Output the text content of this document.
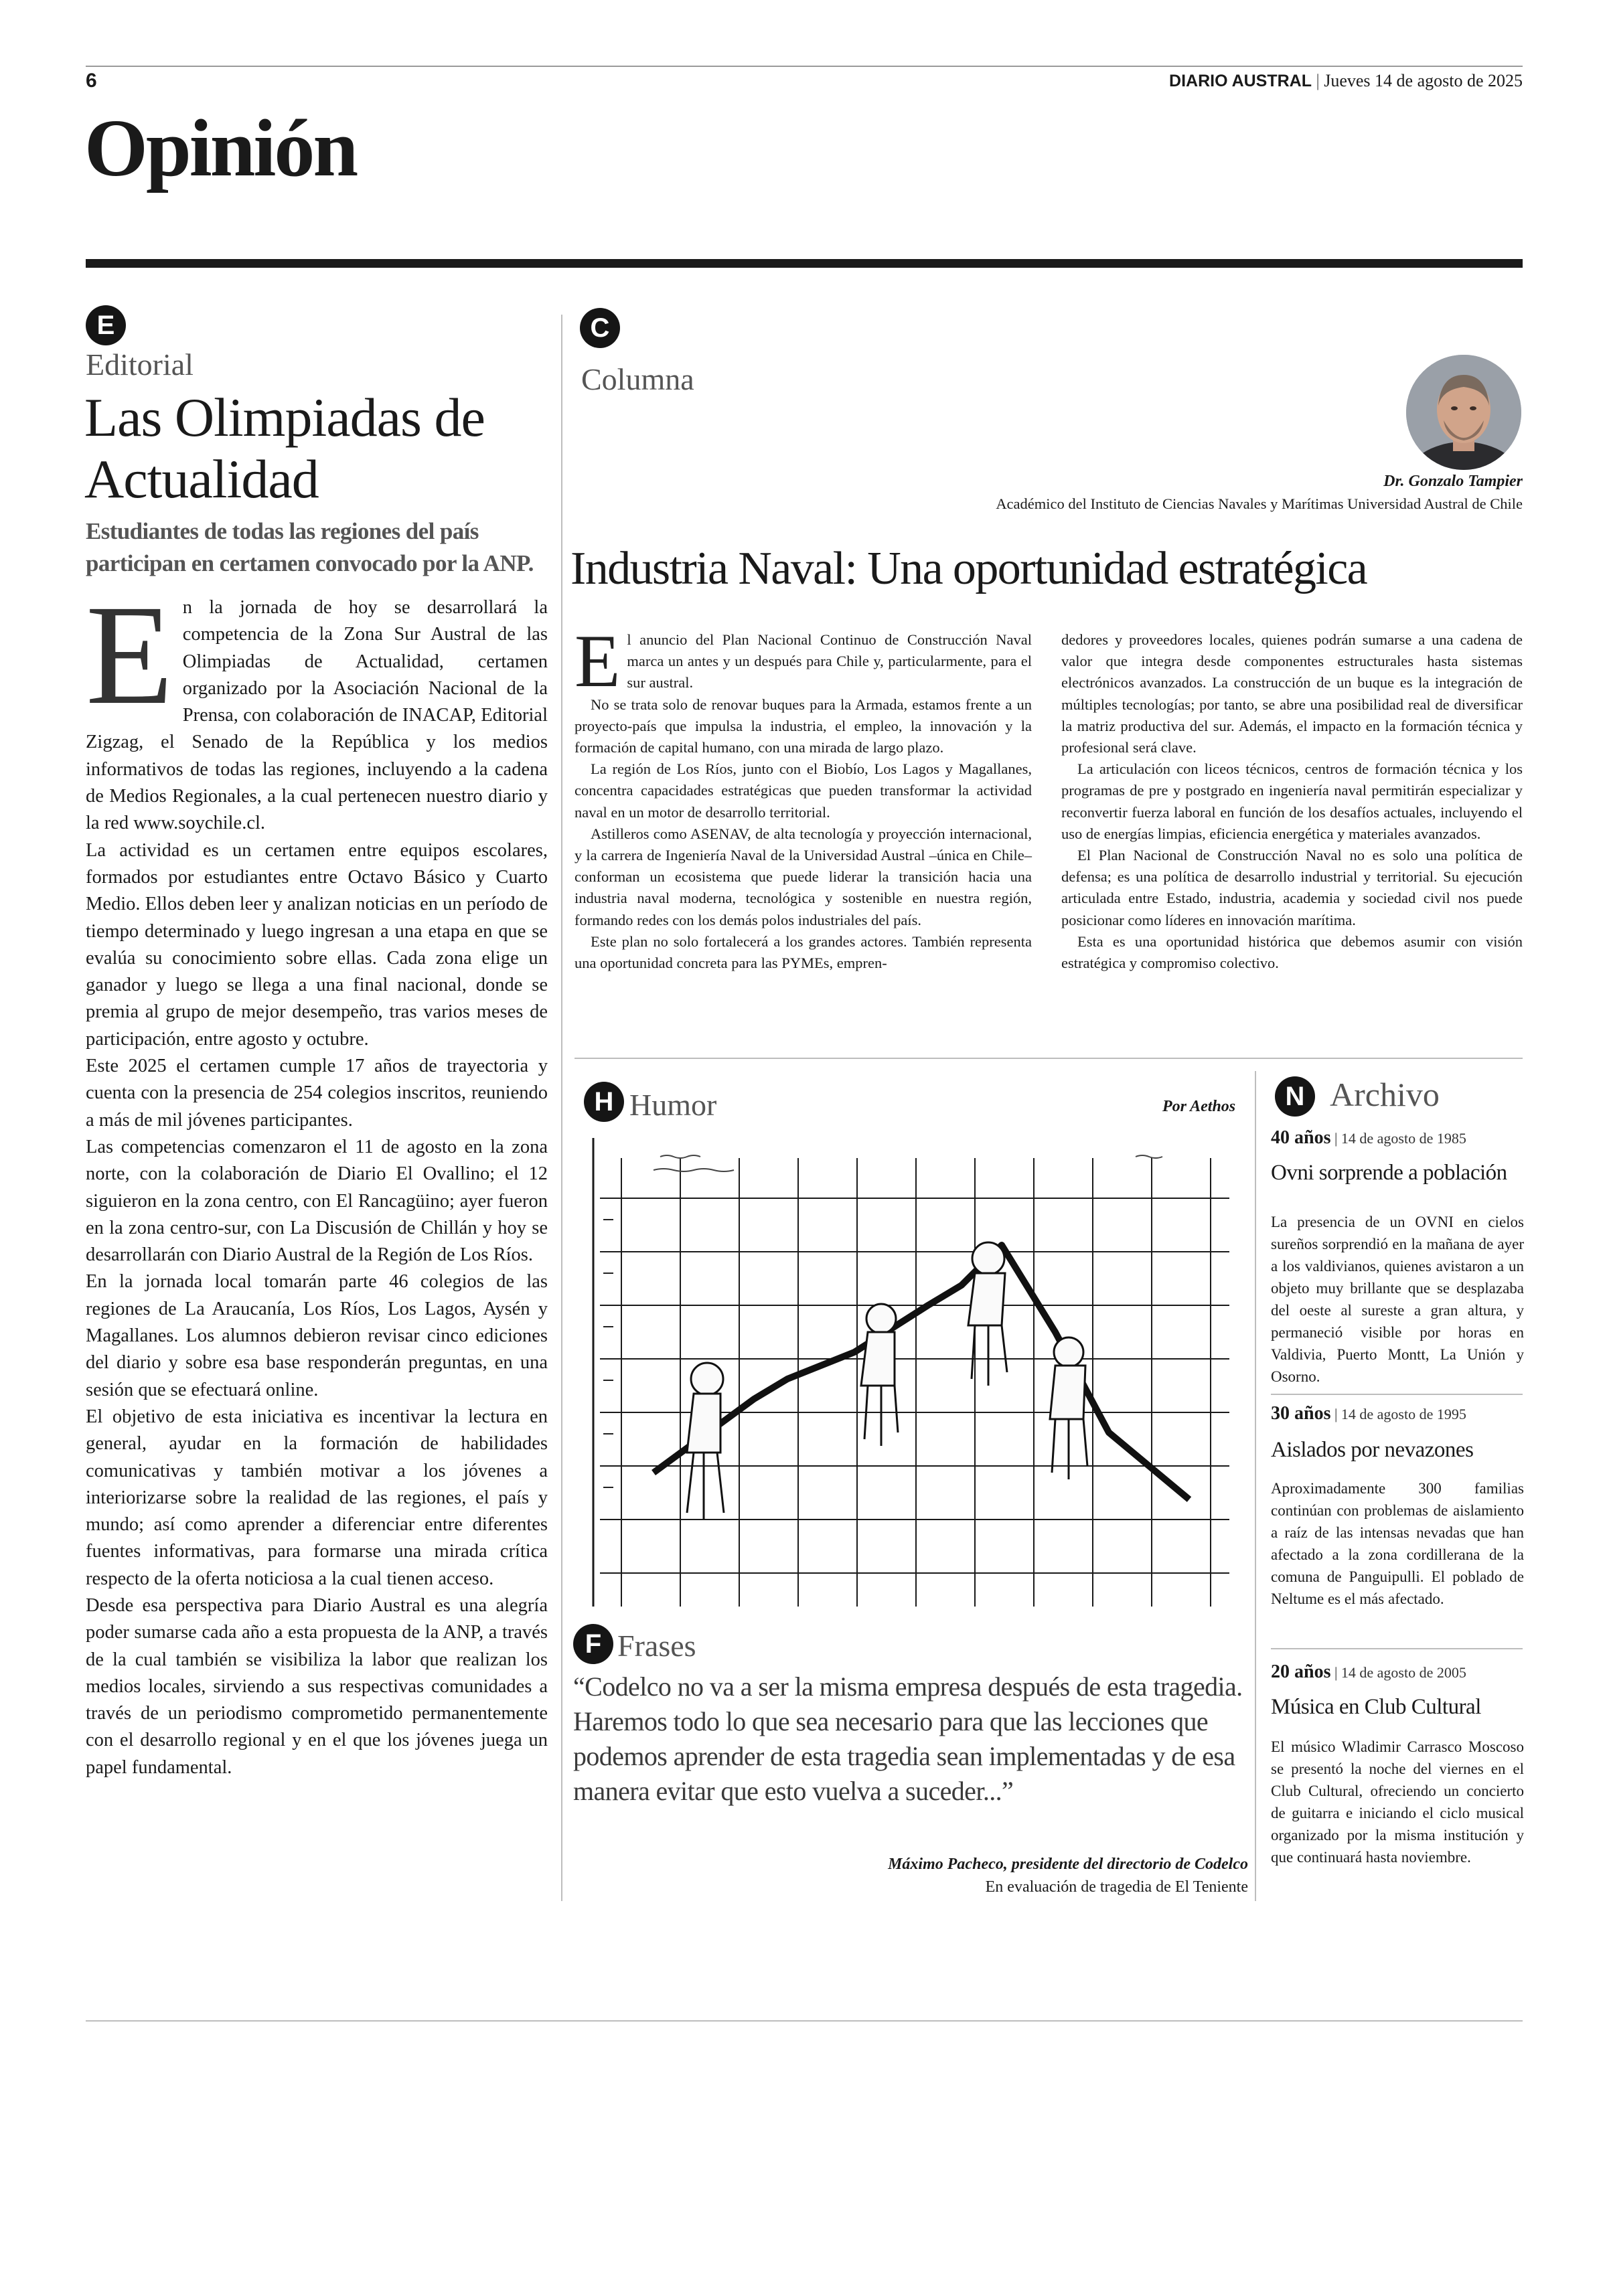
6	DIARIO AUSTRAL | Jueves 14 de agosto de 2025
Opinión
E
Editorial
Las Olimpiadas de
Actualidad
Estudiantes de todas las regiones del país
participan en certamen convocado por la ANP.
E n la jornada de hoy se desarrollará la competencia de la Zona Sur Austral de las Olimpiadas de Actualidad, certamen organizado por la Asociación Nacional de la Prensa, con colaboración de INACAP, Editorial Zigzag, el Senado de la República y los medios informativos de todas las regiones, incluyendo a la cadena de Medios Regionales, a la cual pertenecen nuestro diario y la red www.soychile.cl.

La actividad es un certamen entre equipos escolares, formados por estudiantes entre Octavo Básico y Cuarto Medio. Ellos deben leer y analizan noticias en un período de tiempo determinado y luego ingresan a una etapa en que se evalúa su conocimiento sobre ellas. Cada zona elige un ganador y luego se llega a una final nacional, donde se premia al grupo de mejor desempeño, tras varios meses de participación, entre agosto y octubre.

Este 2025 el certamen cumple 17 años de trayectoria y cuenta con la presencia de 254 colegios inscritos, reuniendo a más de mil jóvenes participantes.

Las competencias comenzaron el 11 de agosto en la zona norte, con la colaboración de Diario El Ovallino; el 12 siguieron en la zona centro, con El Rancagüino; ayer fueron en la zona centro-sur, con La Discusión de Chillán y hoy se desarrollarán con Diario Austral de la Región de Los Ríos.

En la jornada local tomarán parte 46 colegios de las regiones de La Araucanía, Los Ríos, Los Lagos, Aysén y Magallanes. Los alumnos debieron revisar cinco ediciones del diario y sobre esa base responderán preguntas, en una sesión que se efectuará online.

El objetivo de esta iniciativa es incentivar la lectura en general, ayudar en la formación de habilidades comunicativas y también motivar a los jóvenes a interiorizarse sobre la realidad de las regiones, el país y mundo; así como aprender a diferenciar entre diferentes fuentes informativas, para formarse una mirada crítica respecto de la oferta noticiosa a la cual tienen acceso.

Desde esa perspectiva para Diario Austral es una alegría poder sumarse cada año a esta propuesta de la ANP, a través de la cual también se visibiliza la labor que realizan los medios locales, sirviendo a sus respectivas comunidades a través de un periodismo comprometido permanentemente con el desarrollo regional y en el que los jóvenes juega un papel fundamental.

C
Columna
Dr. Gonzalo Tampier
Académico del Instituto de Ciencias Navales y Marítimas Universidad Austral de Chile
Industria Naval: Una oportunidad estratégica
E l anuncio del Plan Nacional Continuo de Construcción Naval marca un antes y un después para Chile y, particularmente, para el sur austral.

No se trata solo de renovar buques para la Armada, estamos frente a un proyecto-país que impulsa la industria, el empleo, la innovación y la formación de capital humano, con una mirada de largo plazo.

La región de Los Ríos, junto con el Biobío, Los Lagos y Magallanes, concentra capacidades estratégicas que pueden transformar la actividad naval en un motor de desarrollo territorial.

Astilleros como ASENAV, de alta tecnología y proyección internacional, y la carrera de Ingeniería Naval de la Universidad Austral –única en Chile– conforman un ecosistema que puede liderar la transición hacia una industria naval moderna, tecnológica y sostenible en nuestra región, formando redes con los demás polos industriales del país.

Este plan no solo fortalecerá a los grandes actores. También representa una oportunidad concreta para las PYMEs, empren-

dedores y proveedores locales, quienes podrán sumarse a una cadena de valor que integra desde componentes estructurales hasta sistemas electrónicos avanzados. La construcción de un buque es la integración de múltiples tecnologías; por tanto, se abre una posibilidad real de diversificar la matriz productiva del sur. Además, el impacto en la formación técnica y profesional será clave.

La articulación con liceos técnicos, centros de formación técnica y los programas de pre y postgrado en ingeniería naval permitirán especializar y reconvertir fuerza laboral en función de los desafíos actuales, incluyendo el uso de energías limpias, eficiencia energética y materiales avanzados.

El Plan Nacional de Construcción Naval no es solo una política de defensa; es una política de desarrollo industrial y territorial. Su ejecución articulada entre Estado, industria, academia y sociedad civil nos puede posicionar como líderes en innovación marítima.

Esta es una oportunidad histórica que debemos asumir con visión estratégica y compromiso colectivo.

H Humor	Por Aethos
F Frases
“Codelco no va a ser la misma empresa después de esta tragedia. Haremos todo lo que sea necesario para que las lecciones que podemos aprender de esta tragedia sean implementadas y de esa manera evitar que esto vuelva a suceder...”
Máximo Pacheco, presidente del directorio de Codelco
En evaluación de tragedia de El Teniente
N Archivo
40 años | 14 de agosto de 1985
Ovni sorprende a población

La presencia de un OVNI en cielos sureños sorprendió en la mañana de ayer a los valdivianos, quienes avistaron a un objeto muy brillante que se desplazaba del oeste al sureste a gran altura, y permaneció visible por horas en Valdivia, Puerto Montt, La Unión y Osorno.

30 años | 14 de agosto de 1995
Aislados por nevazones

Aproximadamente 300 familias continúan con problemas de aislamiento a raíz de las intensas nevadas que han afectado a la zona cordillerana de la comuna de Panguipulli. El poblado de Neltume es el más afectado.

20 años | 14 de agosto de 2005
Música en Club Cultural

El músico Wladimir Carrasco Moscoso se presentó la noche del viernes en el Club Cultural, ofreciendo un concierto de guitarra e iniciando el ciclo musical organizado por la misma institución y que continuará hasta noviembre.
